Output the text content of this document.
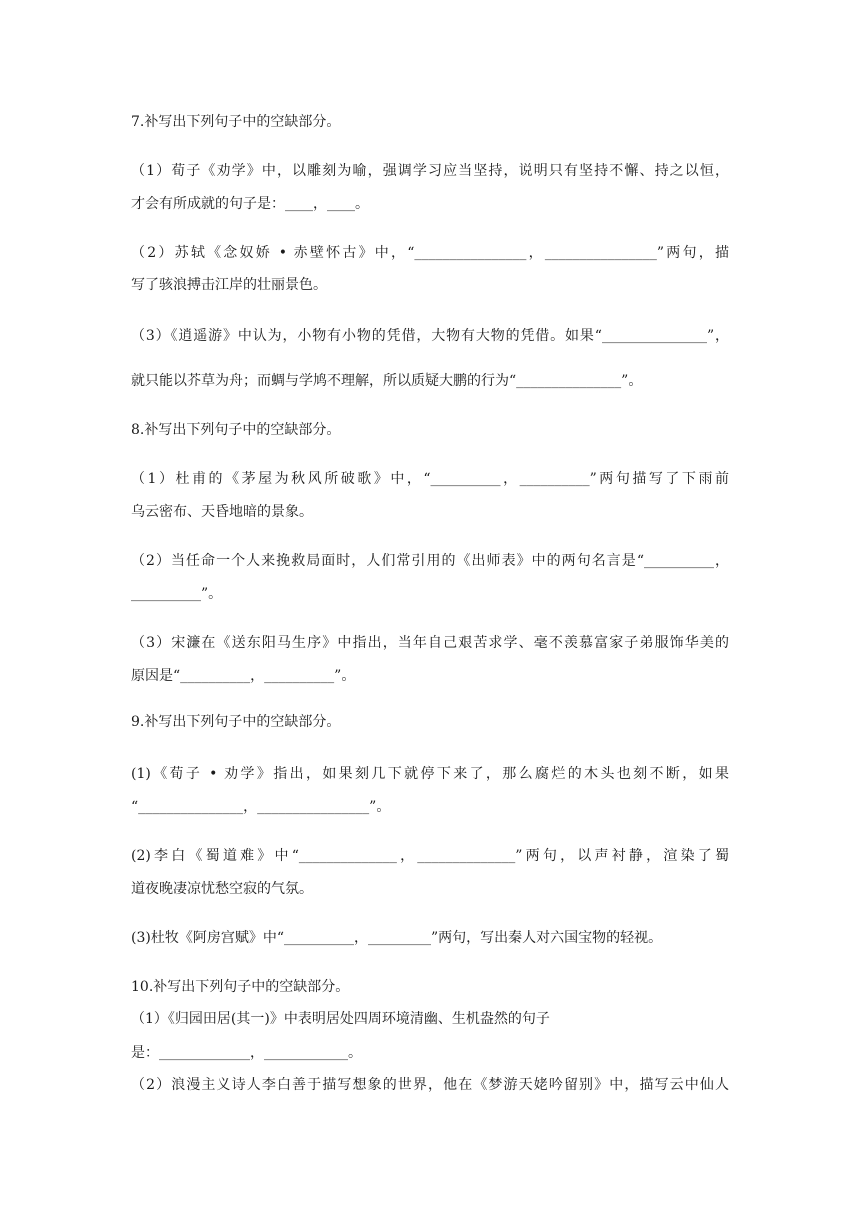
7.补写出下列句子中的空缺部分。
（1）荀子《劝学》中，以雕刻为喻，强调学习应当坚持，说明只有坚持不懈、持之以恒，
才会有所成就的句子是：____，____。
（2）苏轼《念奴娇 • 赤壁怀古》中，“________________，________________”两句，描
写了骇浪搏击江岸的壮丽景色。
（3）《逍遥游》中认为，小物有小物的凭借，大物有大物的凭借。如果“_______________”，
就只能以芥草为舟；而蜩与学鸠不理解，所以质疑大鹏的行为“_______________”。
8.补写出下列句子中的空缺部分。
（1）杜甫的《茅屋为秋风所破歌》中，“__________，__________”两句描写了下雨前
乌云密布、天昏地暗的景象。
（2）当任命一个人来挽救局面时，人们常引用的《出师表》中的两句名言是“__________，
__________”。
（3）宋濂在《送东阳马生序》中指出，当年自己艰苦求学、毫不羡慕富家子弟服饰华美的
原因是“__________，__________”。
9.补写出下列句子中的空缺部分。
(1)《荀子 • 劝学》指出，如果刻几下就停下来了，那么腐烂的木头也刻不断，如果
“_______________，________________”。
(2)李白《蜀道难》中“______________，______________”两句，以声衬静，渲染了蜀
道夜晚凄凉忧愁空寂的气氛。
(3)杜牧《阿房宫赋》中“__________，_________”两句，写出秦人对六国宝物的轻视。
10.补写出下列句子中的空缺部分。
（1）《归园田居(其一)》中表明居处四周环境清幽、生机盎然的句子
是：_____________，____________。
（2）浪漫主义诗人李白善于描写想象的世界，他在《梦游天姥吟留别》中，描写云中仙人
